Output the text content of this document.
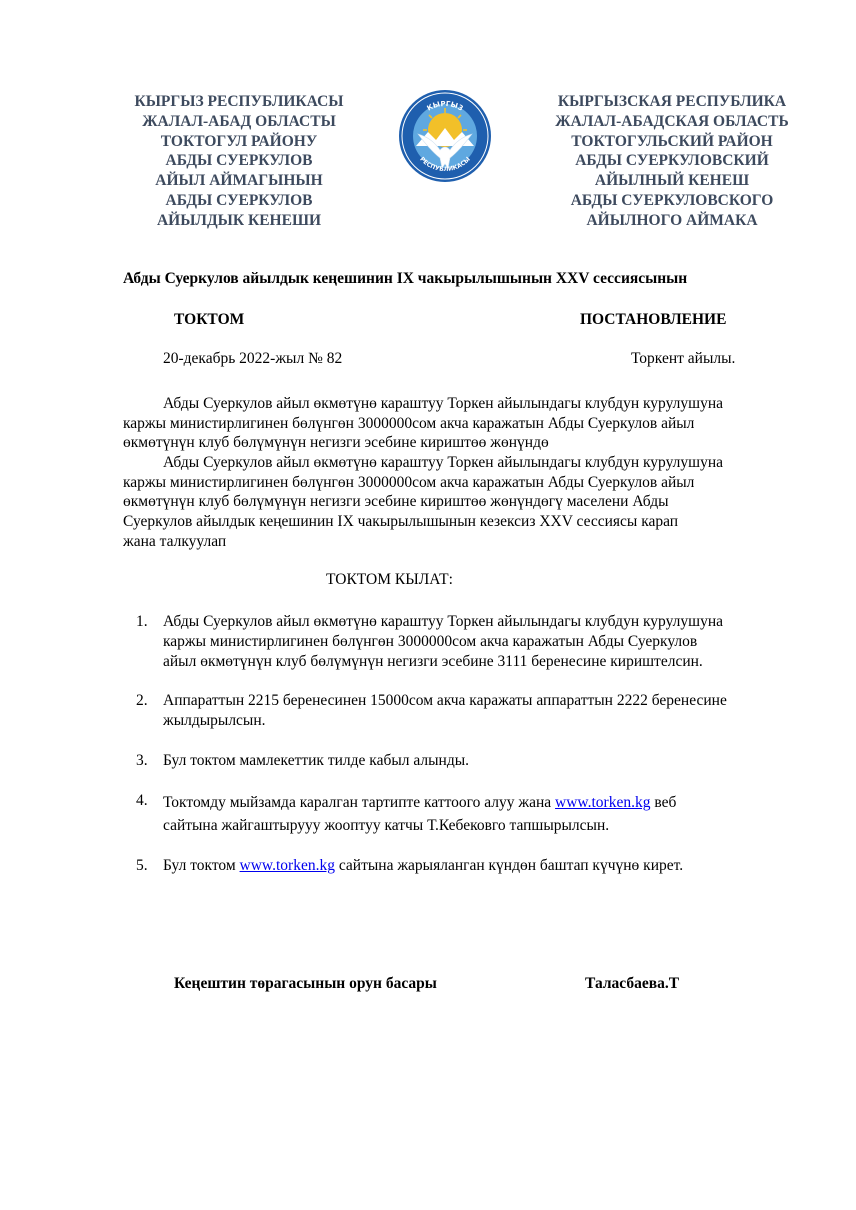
КЫРГЫЗ РЕСПУБЛИКАСЫ
ЖАЛАЛ-АБАД ОБЛАСТЫ
ТОКТОГУЛ РАЙОНУ
АБДЫ СУЕРКУЛОВ
АЙЫЛ АЙМАГЫНЫН
АБДЫ СУЕРКУЛОВ
АЙЫЛДЫК КЕНЕШИ
КЫРГЫЗ
РЕСПУБЛИКАСЫ
КЫРГЫЗСКАЯ РЕСПУБЛИКА
ЖАЛАЛ-АБАДСКАЯ ОБЛАСТЬ
ТОКТОГУЛЬСКИЙ РАЙОН
АБДЫ СУЕРКУЛОВСКИЙ
АЙЫЛНЫЙ КЕНЕШ
АБДЫ СУЕРКУЛОВСКОГО
АЙЫЛНОГО АЙМАКА
Абды Суеркулов айылдык кеңешинин IX чакырылышынын XXV сессиясынын
ТОКТОМ	ПОСТАНОВЛЕНИЕ
20-декабрь 2022-жыл № 82	Торкент айылы.
Абды Суеркулов айыл өкмөтүнө караштуу Торкен айылындагы клубдун курулушуна
каржы министирлигинен бөлүнгөн 3000000сом акча каражатын Абды Суеркулов айыл
өкмөтүнүн клуб бөлүмүнүн негизги эсебине кириштөө жөнүндө
Абды Суеркулов айыл өкмөтүнө караштуу Торкен айылындагы клубдун курулушуна
каржы министирлигинен бөлүнгөн 3000000сом акча каражатын Абды Суеркулов айыл
өкмөтүнүн клуб бөлүмүнүн негизги эсебине кириштөө жөнүндөгү маселени Абды
Суеркулов айылдык кеңешинин IX чакырылышынын кезексиз XXV сессиясы карап
жана талкуулап
ТОКТОМ КЫЛАТ:
1. Абды Суеркулов айыл өкмөтүнө караштуу Торкен айылындагы клубдун курулушуна
каржы министирлигинен бөлүнгөн 3000000сом акча каражатын Абды Суеркулов
айыл өкмөтүнүн клуб бөлүмүнүн негизги эсебине 3111 беренесине кириштелсин.
2. Аппараттын 2215 беренесинен 15000сом акча каражаты аппараттын 2222 беренесине
жылдырылсын.
3. Бул токтом мамлекеттик тилде кабыл алынды.
4. Токтомду мыйзамда каралган тартипте каттоого алуу жана www.torken.kg веб
сайтына жайгаштырууу жооптуу катчы Т.Кебековго тапшырылсын.
5. Бул токтом www.torken.kg сайтына жарыяланган күндөн баштап күчүнө кирет.
Кеңештин төрагасынын орун басары	Таласбаева.Т
